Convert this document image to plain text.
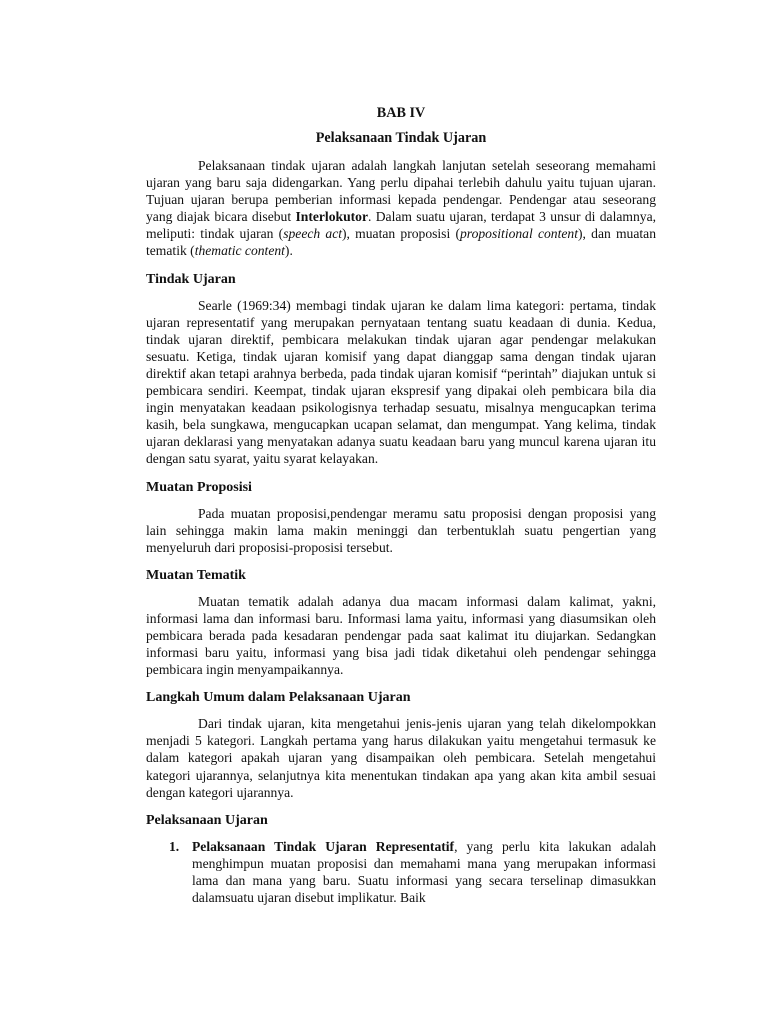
BAB IV
Pelaksanaan Tindak Ujaran

Pelaksanaan tindak ujaran adalah langkah lanjutan setelah seseorang memahami ujaran yang baru saja didengarkan. Yang perlu dipahai terlebih dahulu yaitu tujuan ujaran. Tujuan ujaran berupa pemberian informasi kepada pendengar. Pendengar atau seseorang yang diajak bicara disebut Interlokutor. Dalam suatu ujaran, terdapat 3 unsur di dalamnya, meliputi: tindak ujaran (speech act), muatan proposisi (propositional content), dan muatan tematik (thematic content).

Tindak Ujaran

Searle (1969:34) membagi tindak ujaran ke dalam lima kategori: pertama, tindak ujaran representatif yang merupakan pernyataan tentang suatu keadaan di dunia. Kedua, tindak ujaran direktif, pembicara melakukan tindak ujaran agar pendengar melakukan sesuatu. Ketiga, tindak ujaran komisif yang dapat dianggap sama dengan tindak ujaran direktif akan tetapi arahnya berbeda, pada tindak ujaran komisif “perintah” diajukan untuk si pembicara sendiri. Keempat, tindak ujaran ekspresif yang dipakai oleh pembicara bila dia ingin menyatakan keadaan psikologisnya terhadap sesuatu, misalnya mengucapkan terima kasih, bela sungkawa, mengucapkan ucapan selamat, dan mengumpat. Yang kelima, tindak ujaran deklarasi yang menyatakan adanya suatu keadaan baru yang muncul karena ujaran itu dengan satu syarat, yaitu syarat kelayakan.

Muatan Proposisi

Pada muatan proposisi,pendengar meramu satu proposisi dengan proposisi yang lain sehingga makin lama makin meninggi dan terbentuklah suatu pengertian yang menyeluruh dari proposisi-proposisi tersebut.

Muatan Tematik

Muatan tematik adalah adanya dua macam informasi dalam kalimat, yakni, informasi lama dan informasi baru. Informasi lama yaitu, informasi yang diasumsikan oleh pembicara berada pada kesadaran pendengar pada saat kalimat itu diujarkan. Sedangkan informasi baru yaitu, informasi yang bisa jadi tidak diketahui oleh pendengar sehingga pembicara ingin menyampaikannya.

Langkah Umum dalam Pelaksanaan Ujaran

Dari tindak ujaran, kita mengetahui jenis-jenis ujaran yang telah dikelompokkan menjadi 5 kategori. Langkah pertama yang harus dilakukan yaitu mengetahui termasuk ke dalam kategori apakah ujaran yang disampaikan oleh pembicara. Setelah mengetahui kategori ujarannya, selanjutnya kita menentukan tindakan apa yang akan kita ambil sesuai dengan kategori ujarannya.

Pelaksanaan Ujaran
1. Pelaksanaan Tindak Ujaran Representatif, yang perlu kita lakukan adalah menghimpun muatan proposisi dan memahami mana yang merupakan informasi lama dan mana yang baru. Suatu informasi yang secara terselinap dimasukkan dalamsuatu ujaran disebut implikatur. Baik
